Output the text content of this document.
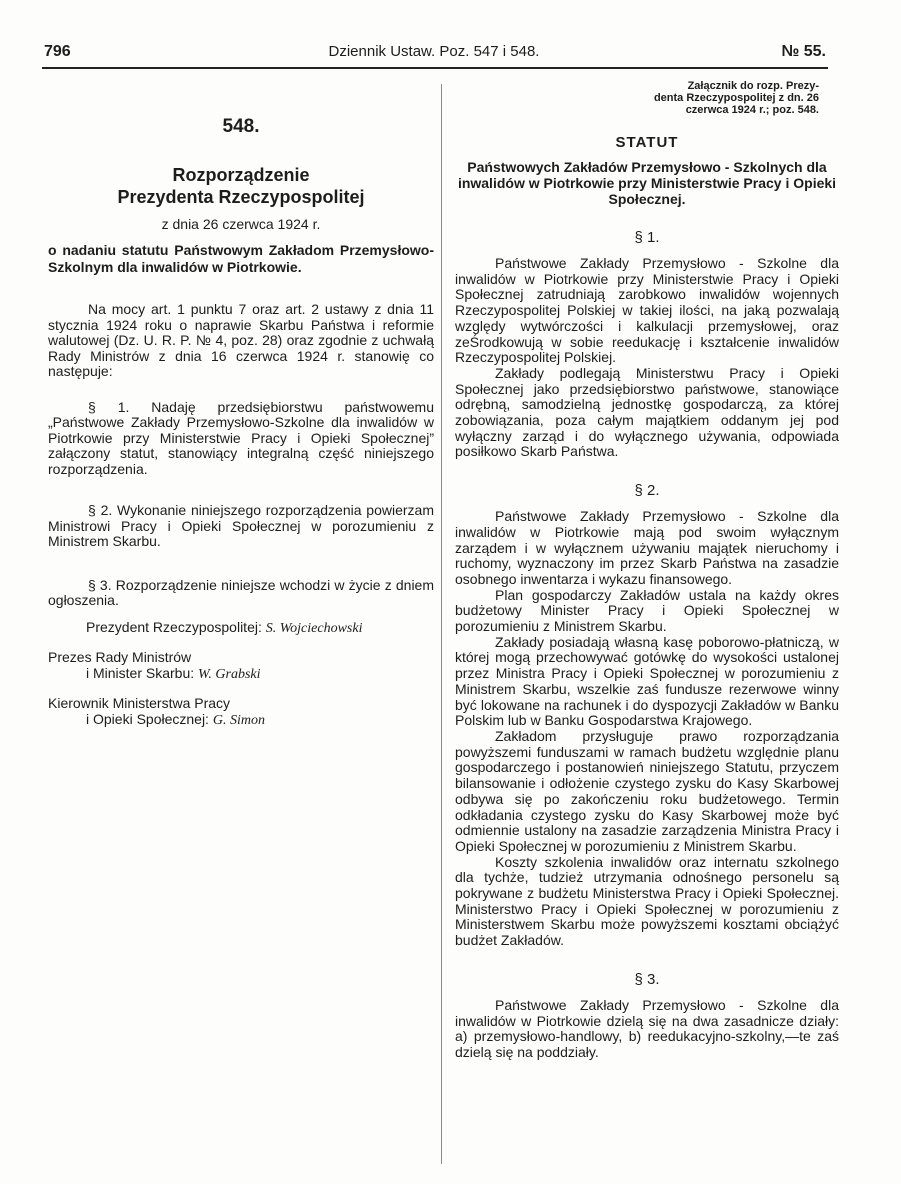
796	Dziennik Ustaw. Poz. 547 i 548.	№ 55.
548.
Rozporządzenie
Prezydenta Rzeczypospolitej
z dnia 26 czerwca 1924 r.
o nadaniu statutu Państwowym Zakładom Przemysłowo-Szkolnym dla inwalidów w Piotrkowie.

Na mocy art. 1 punktu 7 oraz art. 2 ustawy z dnia 11 stycznia 1924 roku o naprawie Skarbu Państwa i reformie walutowej (Dz. U. R. P. № 4, poz. 28) oraz zgodnie z uchwałą Rady Ministrów z dnia 16 czerwca 1924 r. stanowię co następuje:

§ 1. Nadaję przedsiębiorstwu państwowemu „Państwowe Zakłady Przemysłowo-Szkolne dla inwalidów w Piotrkowie przy Ministerstwie Pracy i Opieki Społecznej” załączony statut, stanowiący integralną część niniejszego rozporządzenia.

§ 2. Wykonanie niniejszego rozporządzenia powierzam Ministrowi Pracy i Opieki Społecznej w porozumieniu z Ministrem Skarbu.

§ 3. Rozporządzenie niniejsze wchodzi w życie z dniem ogłoszenia.

Prezydent Rzeczypospolitej: S. Wojciechowski
Prezes Rady Ministrów
i Minister Skarbu: W. Grabski
Kierownik Ministerstwa Pracy
i Opieki Społecznej: G. Simon
Załącznik do rozp. Prezy-
denta Rzeczypospolitej z dn. 26
czerwca 1924 r.; poz. 548.
STATUT
Państwowych Zakładów Przemysłowo - Szkolnych dla inwalidów w Piotrkowie przy Ministerstwie Pracy i Opieki Społecznej.
§ 1.

Państwowe Zakłady Przemysłowo - Szkolne dla inwalidów w Piotrkowie przy Ministerstwie Pracy i Opieki Społecznej zatrudniają zarobkowo inwalidów wojennych Rzeczypospolitej Polskiej w takiej ilości, na jaką pozwalają względy wytwórczości i kalkulacji przemysłowej, oraz zeŚrodkowują w sobie reedukację i kształcenie inwalidów Rzeczypospolitej Polskiej.

Zakłady podlegają Ministerstwu Pracy i Opieki Społecznej jako przedsiębiorstwo państwowe, stanowiące odrębną, samodzielną jednostkę gospodarczą, za której zobowiązania, poza całym majątkiem oddanym jej pod wyłączny zarząd i do wyłącznego używania, odpowiada posiłkowo Skarb Państwa.

§ 2.

Państwowe Zakłady Przemysłowo - Szkolne dla inwalidów w Piotrkowie mają pod swoim wyłącznym zarządem i w wyłącznem używaniu majątek nieruchomy i ruchomy, wyznaczony im przez Skarb Państwa na zasadzie osobnego inwentarza i wykazu finansowego.

Plan gospodarczy Zakładów ustala na każdy okres budżetowy Minister Pracy i Opieki Społecznej w porozumieniu z Ministrem Skarbu.

Zakłady posiadają własną kasę poborowo-płatniczą, w której mogą przechowywać gotówkę do wysokości ustalonej przez Ministra Pracy i Opieki Społecznej w porozumieniu z Ministrem Skarbu, wszelkie zaś fundusze rezerwowe winny być lokowane na rachunek i do dyspozycji Zakładów w Banku Polskim lub w Banku Gospodarstwa Krajowego.

Zakładom przysługuje prawo rozporządzania powyższemi funduszami w ramach budżetu względnie planu gospodarczego i postanowień niniejszego Statutu, przyczem bilansowanie i odłożenie czystego zysku do Kasy Skarbowej odbywa się po zakończeniu roku budżetowego. Termin odkładania czystego zysku do Kasy Skarbowej może być odmiennie ustalony na zasadzie zarządzenia Ministra Pracy i Opieki Społecznej w porozumieniu z Ministrem Skarbu.

Koszty szkolenia inwalidów oraz internatu szkolnego dla tychże, tudzież utrzymania odnośnego personelu są pokrywane z budżetu Ministerstwa Pracy i Opieki Społecznej. Ministerstwo Pracy i Opieki Społecznej w porozumieniu z Ministerstwem Skarbu może powyższemi kosztami obciążyć budżet Zakładów.

§ 3.

Państwowe Zakłady Przemysłowo - Szkolne dla inwalidów w Piotrkowie dzielą się na dwa zasadnicze działy: a) przemysłowo-handlowy, b) reedukacyjno-szkolny,—te zaś dzielą się na poddziały.
